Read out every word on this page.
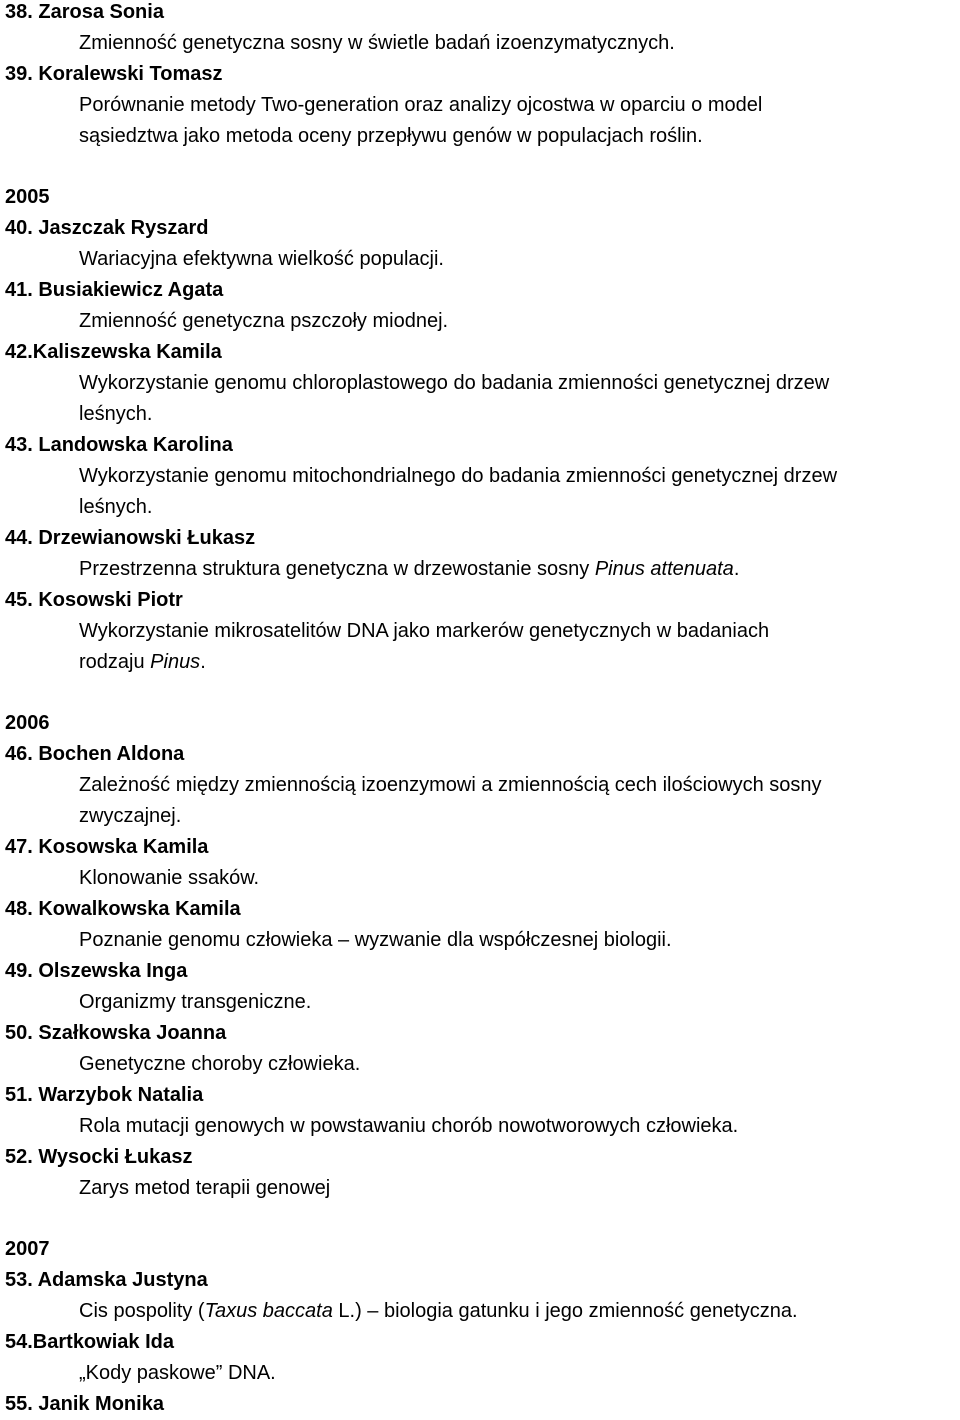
38. Zarosa Sonia
Zmienność genetyczna sosny w świetle badań izoenzymatycznych.
39. Koralewski Tomasz
Porównanie metody Two-generation oraz analizy ojcostwa w oparciu o model
sąsiedztwa jako metoda oceny przepływu genów w populacjach roślin.
2005
40. Jaszczak Ryszard
Wariacyjna efektywna wielkość populacji.
41. Busiakiewicz Agata
Zmienność genetyczna pszczoły miodnej.
42.Kaliszewska Kamila
Wykorzystanie genomu chloroplastowego do badania zmienności genetycznej drzew
leśnych.
43. Landowska Karolina
Wykorzystanie genomu mitochondrialnego do badania zmienności genetycznej drzew
leśnych.
44. Drzewianowski Łukasz
Przestrzenna struktura genetyczna w drzewostanie sosny Pinus attenuata.
45. Kosowski Piotr
Wykorzystanie mikrosatelitów DNA jako markerów genetycznych w badaniach
rodzaju Pinus.
2006
46. Bochen Aldona
Zależność między zmiennością izoenzymowi a zmiennością cech ilościowych sosny
zwyczajnej.
47. Kosowska Kamila
Klonowanie ssaków.
48. Kowalkowska Kamila
Poznanie genomu człowieka – wyzwanie dla współczesnej biologii.
49. Olszewska Inga
Organizmy transgeniczne.
50. Szałkowska Joanna
Genetyczne choroby człowieka.
51. Warzybok Natalia
Rola mutacji genowych w powstawaniu chorób nowotworowych człowieka.
52. Wysocki Łukasz
Zarys metod terapii genowej
2007
53. Adamska Justyna
Cis pospolity (Taxus baccata L.) – biologia gatunku i jego zmienność genetyczna.
54.Bartkowiak Ida
„Kody paskowe” DNA.
55. Janik Monika
